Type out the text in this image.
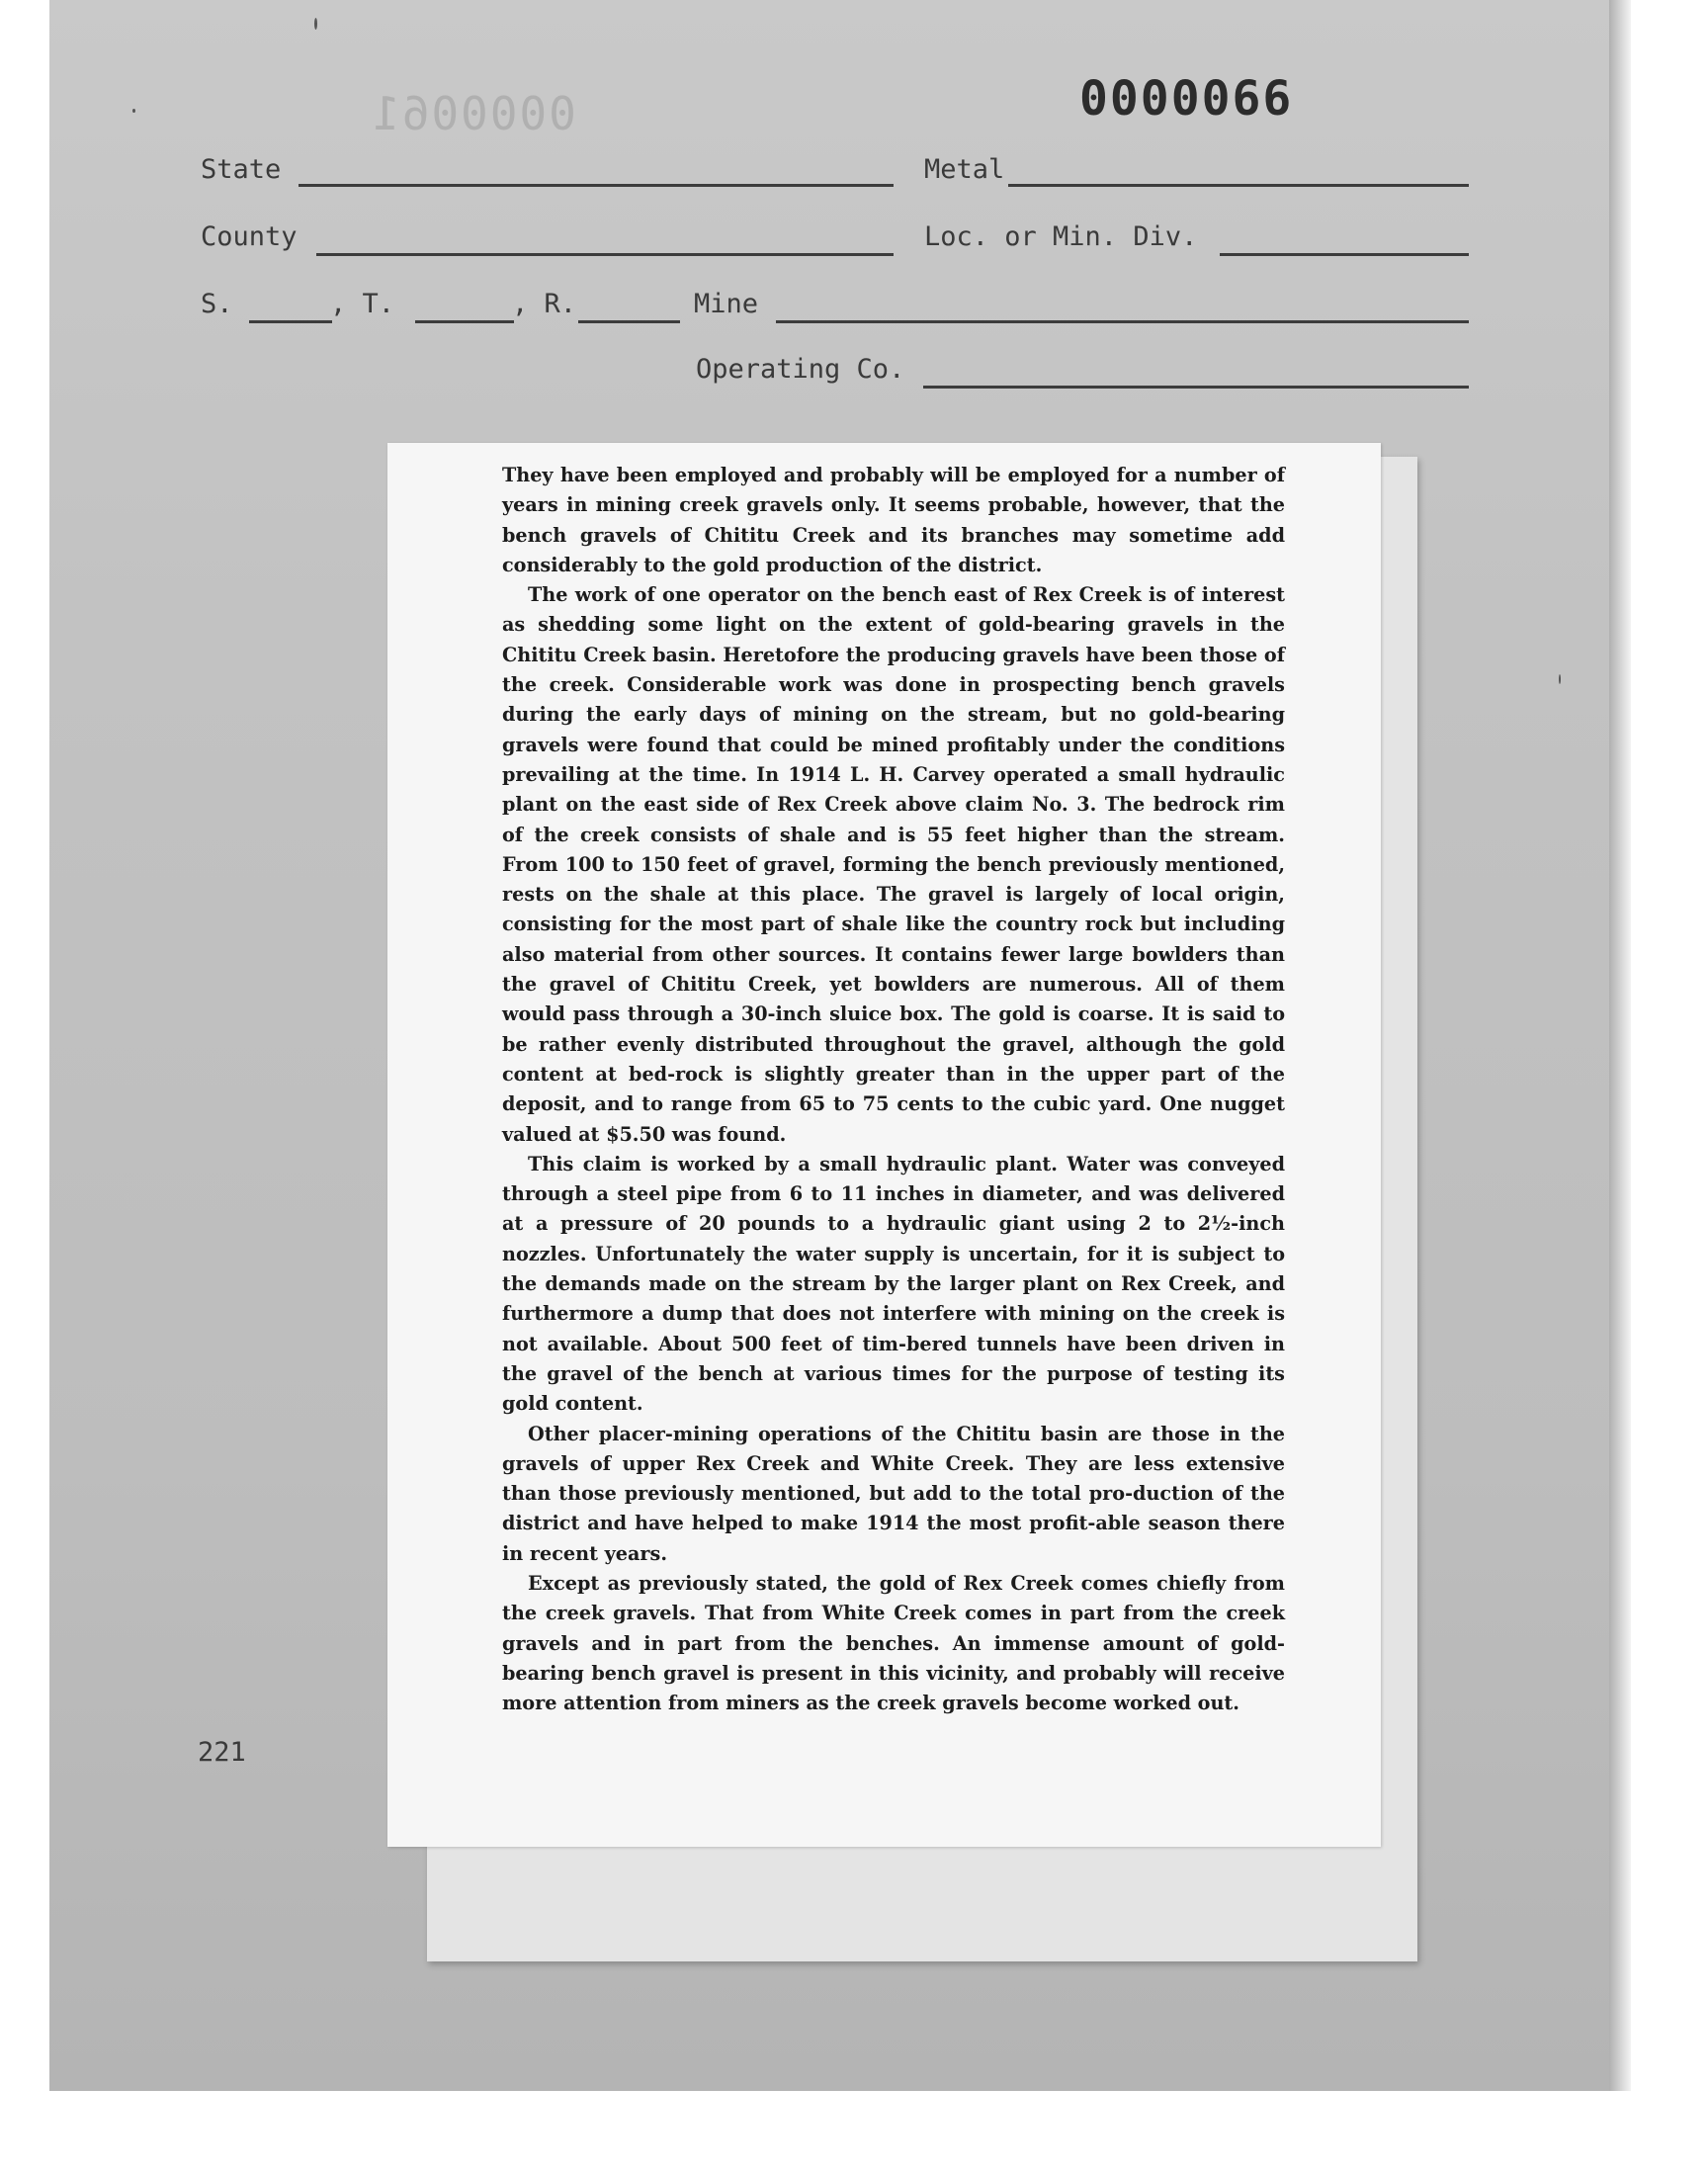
0000061	0000066
State	Metal
County	Loc. or Min. Div.
S.	, T.	, R.	Mine
Operating Co.
221

They have been employed and probably will be employed for a number of years in mining creek gravels only. It seems probable, however, that the bench gravels of Chititu Creek and its branches may sometime add considerably to the gold production of the district.

The work of one operator on the bench east of Rex Creek is of interest as shedding some light on the extent of gold-bearing gravels in the Chititu Creek basin. Heretofore the producing gravels have been those of the creek. Considerable work was done in prospecting bench gravels during the early days of mining on the stream, but no gold-bearing gravels were found that could be mined profitably under the conditions prevailing at the time. In 1914 L. H. Carvey operated a small hydraulic plant on the east side of Rex Creek above claim No. 3. The bedrock rim of the creek consists of shale and is 55 feet higher than the stream. From 100 to 150 feet of gravel, forming the bench previously mentioned, rests on the shale at this place. The gravel is largely of local origin, consisting for the most part of shale like the country rock but including also material from other sources. It contains fewer large bowlders than the gravel of Chititu Creek, yet bowlders are numerous. All of them would pass through a 30-inch sluice box. The gold is coarse. It is said to be rather evenly distributed throughout the gravel, although the gold content at bed-rock is slightly greater than in the upper part of the deposit, and to range from 65 to 75 cents to the cubic yard. One nugget valued at $5.50 was found.

This claim is worked by a small hydraulic plant. Water was conveyed through a steel pipe from 6 to 11 inches in diameter, and was delivered at a pressure of 20 pounds to a hydraulic giant using 2 to 2½-inch nozzles. Unfortunately the water supply is uncertain, for it is subject to the demands made on the stream by the larger plant on Rex Creek, and furthermore a dump that does not interfere with mining on the creek is not available. About 500 feet of tim-bered tunnels have been driven in the gravel of the bench at various times for the purpose of testing its gold content.

Other placer-mining operations of the Chititu basin are those in the gravels of upper Rex Creek and White Creek. They are less extensive than those previously mentioned, but add to the total pro-duction of the district and have helped to make 1914 the most profit-able season there in recent years.

Except as previously stated, the gold of Rex Creek comes chiefly from the creek gravels. That from White Creek comes in part from the creek gravels and in part from the benches. An immense amount of gold-bearing bench gravel is present in this vicinity, and probably will receive more attention from miners as the creek gravels become worked out.
